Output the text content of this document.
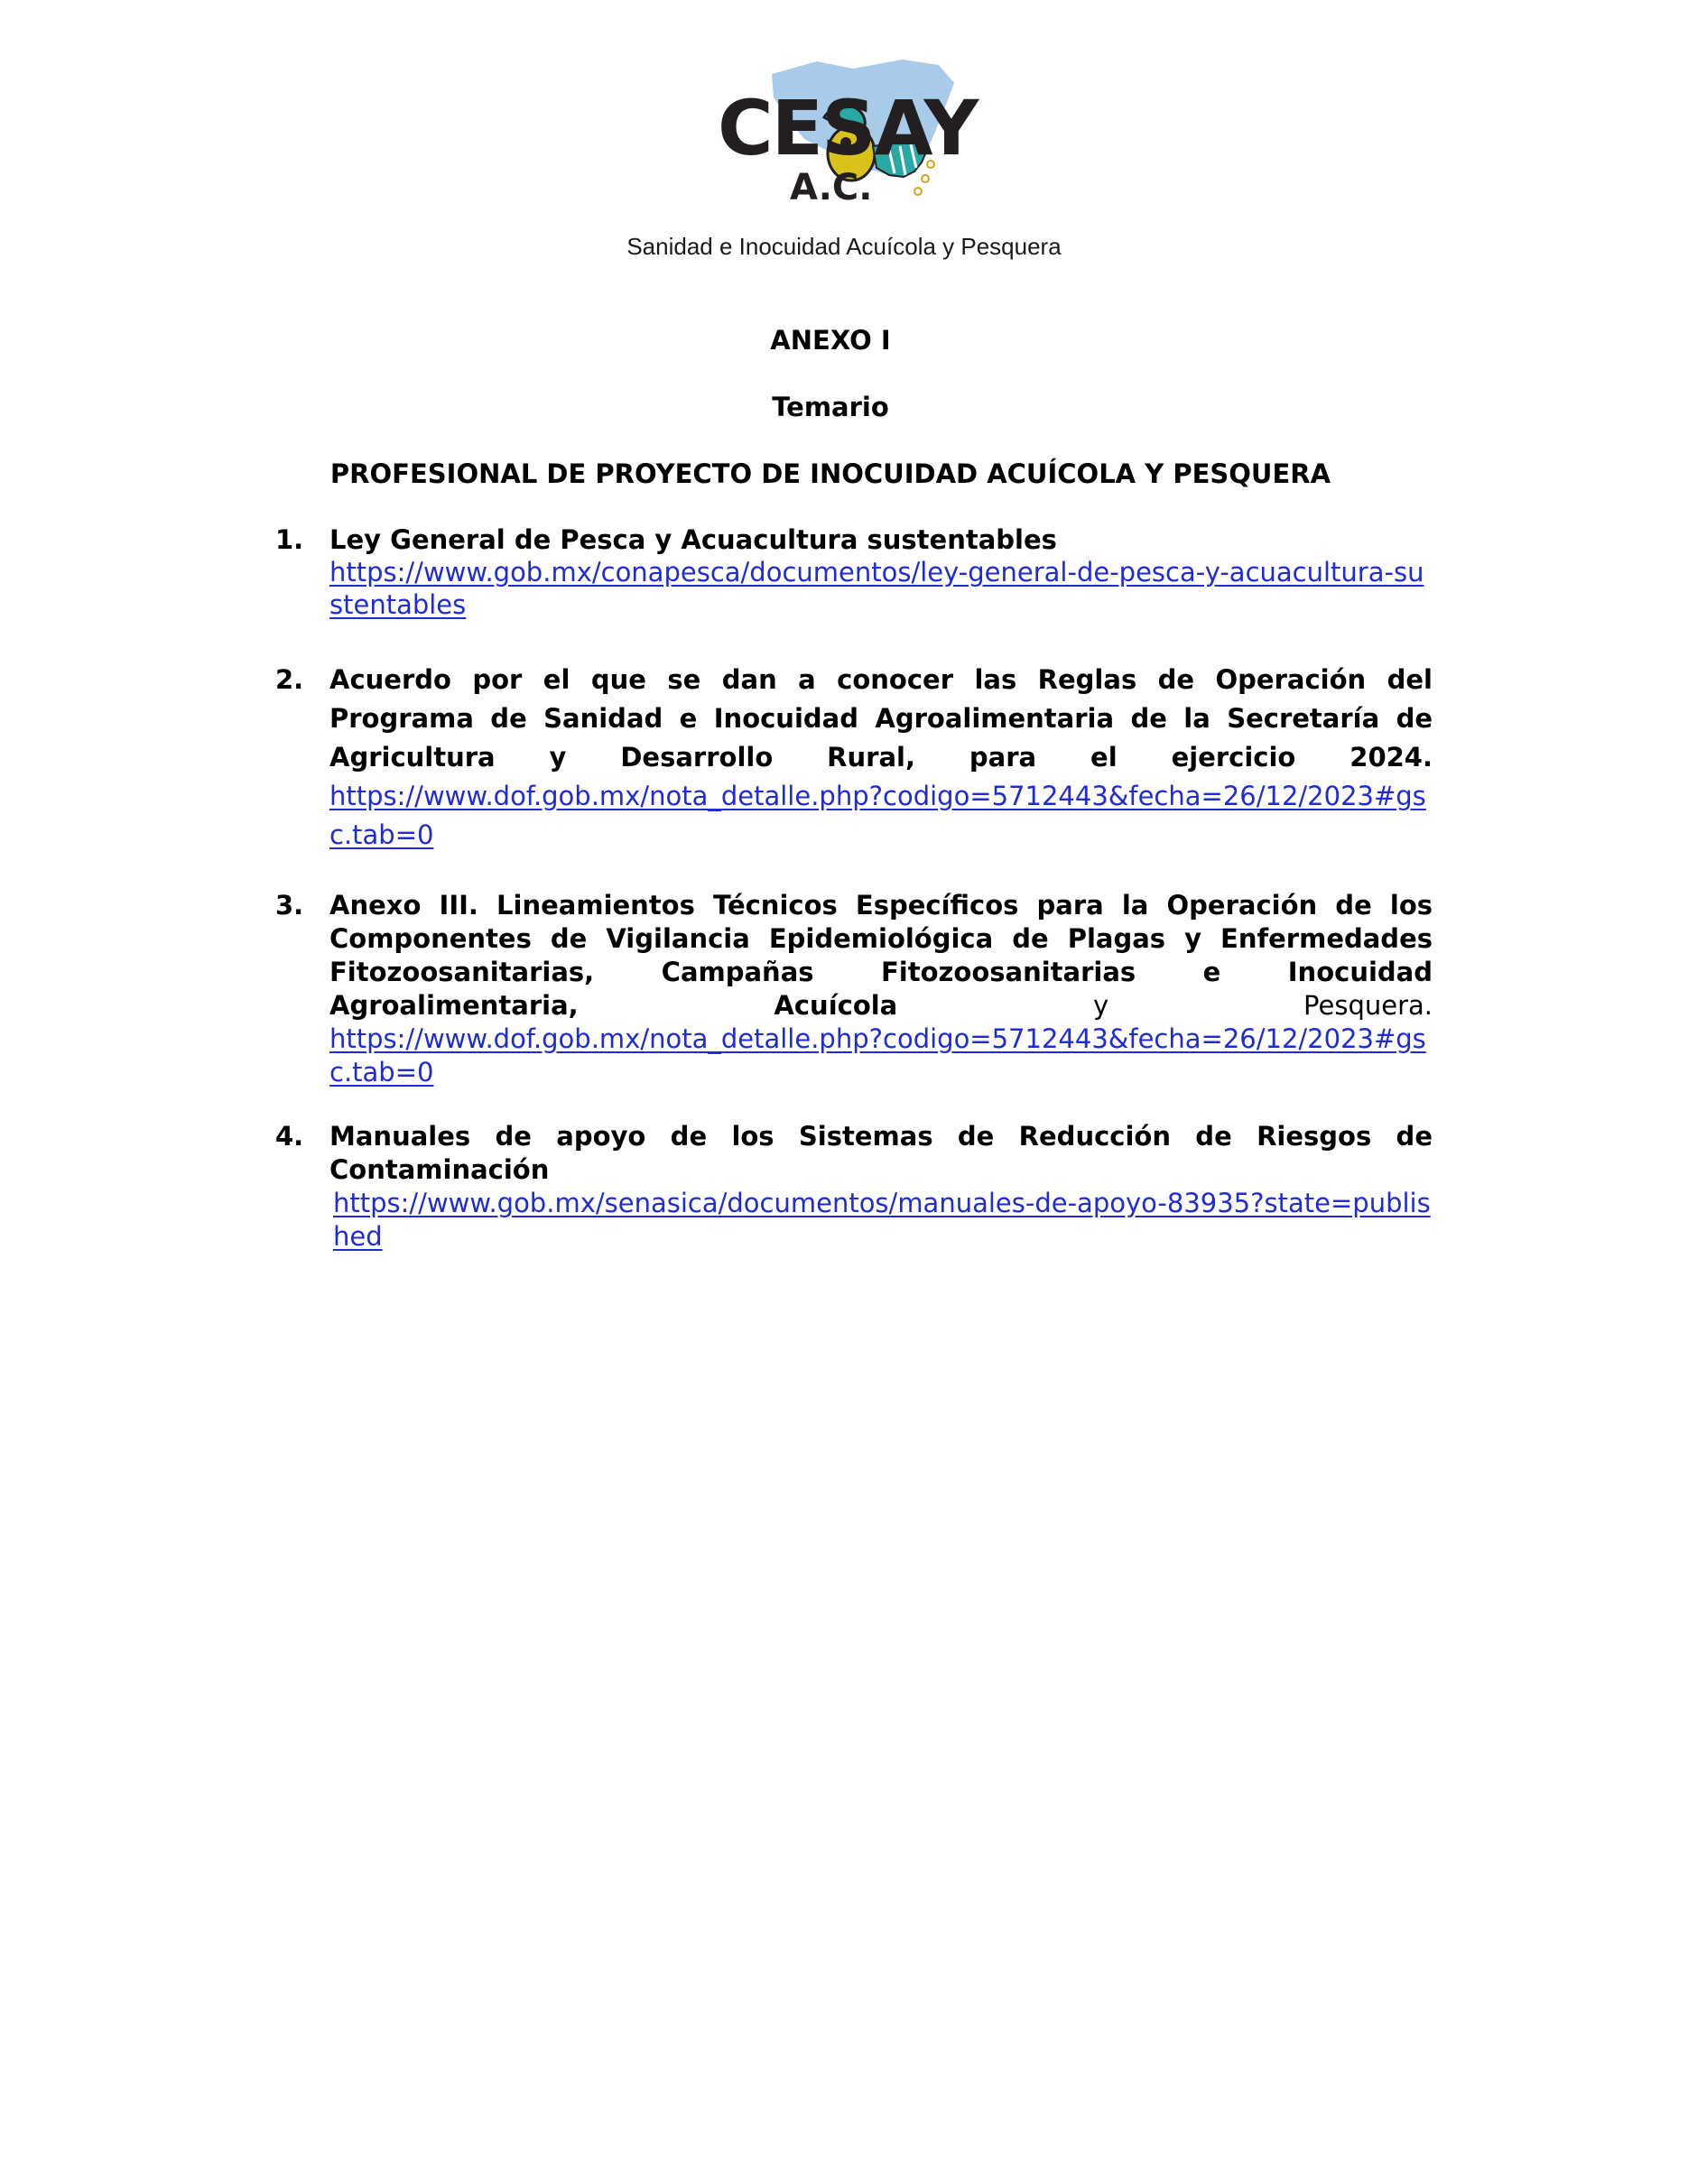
CESAY
A.C.
Sanidad e Inocuidad Acuícola y Pesquera
ANEXO I
Temario
PROFESIONAL DE PROYECTO DE INOCUIDAD ACUÍCOLA Y PESQUERA
1. Ley General de Pesca y Acuacultura sustentables
https://www.gob.mx/conapesca/documentos/ley-general-de-pesca-y-acuacultura-sustentables
2. Acuerdo por el que se dan a conocer las Reglas de Operación del Programa de Sanidad e Inocuidad Agroalimentaria de la Secretaría de Agricultura y Desarrollo Rural, para el ejercicio 2024.
https://www.dof.gob.mx/nota_detalle.php?codigo=5712443&fecha=26/12/2023#gsc.tab=0
3. Anexo III. Lineamientos Técnicos Específicos para la Operación de los Componentes de Vigilancia Epidemiológica de Plagas y Enfermedades Fitozoosanitarias, Campañas Fitozoosanitarias e Inocuidad Agroalimentaria, Acuícola	y Pesquera.
https://www.dof.gob.mx/nota_detalle.php?codigo=5712443&fecha=26/12/2023#gsc.tab=0
4. Manuales de apoyo de los Sistemas de Reducción de Riesgos de Contaminación
https://www.gob.mx/senasica/documentos/manuales-de-apoyo-83935?state=published
